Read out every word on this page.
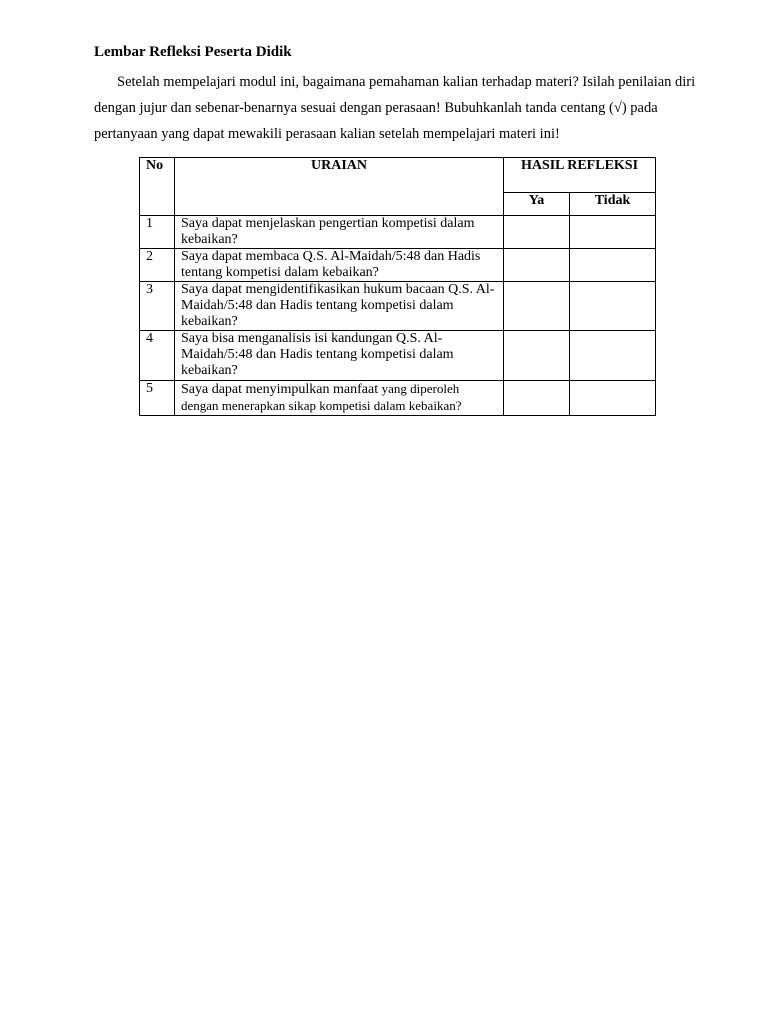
Lembar Refleksi Peserta Didik
Setelah mempelajari modul ini, bagaimana pemahaman kalian terhadap materi? Isilah penilaian diri
dengan jujur dan sebenar-benarnya sesuai dengan perasaan! Bubuhkanlah tanda centang (√) pada
pertanyaan yang dapat mewakili perasaan kalian setelah mempelajari materi ini!
No	URAIAN	HASIL REFLEKSI	
		Ya	Tidak
1	Saya dapat menjelaskan pengertian kompetisi dalam kebaikan?		
2	Saya dapat membaca Q.S. Al-Maidah/5:48 dan Hadis tentang kompetisi dalam kebaikan?		
3	Saya dapat mengidentifikasikan hukum bacaan Q.S. Al-Maidah/5:48 dan Hadis tentang kompetisi dalam kebaikan?		
4	Saya bisa menganalisis isi kandungan Q.S. Al-Maidah/5:48 dan Hadis tentang kompetisi dalam kebaikan?		
5	Saya dapat menyimpulkan manfaat yang diperoleh dengan menerapkan sikap kompetisi dalam kebaikan?		
